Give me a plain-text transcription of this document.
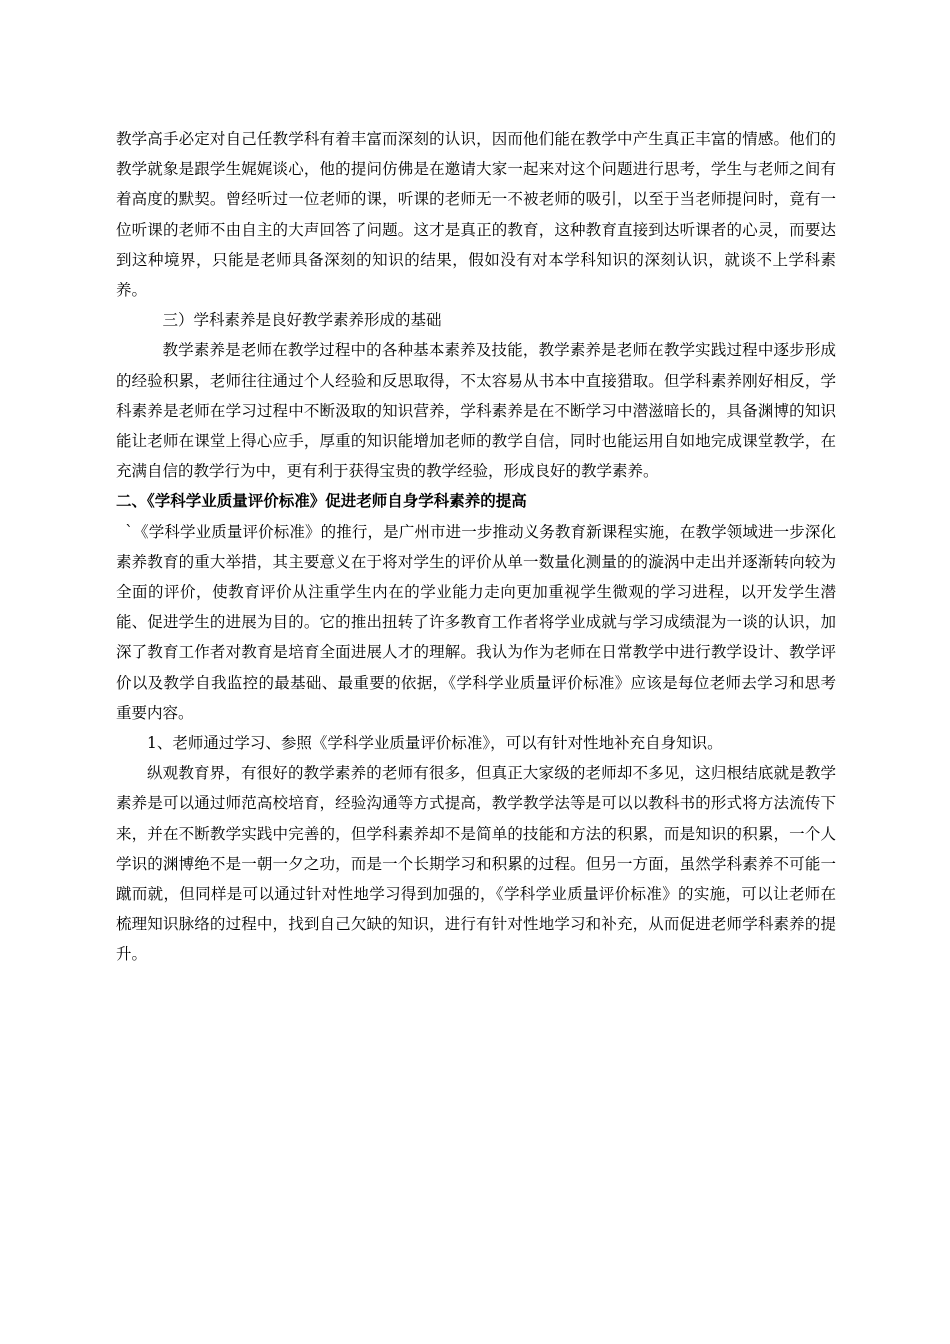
教学高手必定对自己任教学科有着丰富而深刻的认识，因而他们能在教学中产生真正丰富的情感。他们的教学就象是跟学生娓娓谈心，他的提问仿佛是在邀请大家一起来对这个问题进行思考，学生与老师之间有着高度的默契。曾经听过一位老师的课，听课的老师无一不被老师的吸引，以至于当老师提问时，竟有一位听课的老师不由自主的大声回答了问题。这才是真正的教育，这种教育直接到达听课者的心灵，而要达到这种境界，只能是老师具备深刻的知识的结果，假如没有对本学科知识的深刻认识，就谈不上学科素养。

三）学科素养是良好教学素养形成的基础

教学素养是老师在教学过程中的各种基本素养及技能，教学素养是老师在教学实践过程中逐步形成的经验积累，老师往往通过个人经验和反思取得，不太容易从书本中直接猎取。但学科素养刚好相反，学科素养是老师在学习过程中不断汲取的知识营养，学科素养是在不断学习中潜滋暗长的，具备渊博的知识能让老师在课堂上得心应手，厚重的知识能增加老师的教学自信，同时也能运用自如地完成课堂教学，在充满自信的教学行为中，更有利于获得宝贵的教学经验，形成良好的教学素养。

二、《学科学业质量评价标准》促进老师自身学科素养的提高

`《学科学业质量评价标准》的推行，是广州市进一步推动义务教育新课程实施，在教学领域进一步深化素养教育的重大举措，其主要意义在于将对学生的评价从单一数量化测量的的漩涡中走出并逐渐转向较为全面的评价，使教育评价从注重学生内在的学业能力走向更加重视学生微观的学习进程，以开发学生潜能、促进学生的进展为目的。它的推出扭转了许多教育工作者将学业成就与学习成绩混为一谈的认识，加深了教育工作者对教育是培育全面进展人才的理解。我认为作为老师在日常教学中进行教学设计、教学评价以及教学自我监控的最基础、最重要的依据，《学科学业质量评价标准》应该是每位老师去学习和思考重要内容。

1、老师通过学习、参照《学科学业质量评价标准》，可以有针对性地补充自身知识。

纵观教育界，有很好的教学素养的老师有很多，但真正大家级的老师却不多见，这归根结底就是教学素养是可以通过师范高校培育，经验沟通等方式提高，教学教学法等是可以以教科书的形式将方法流传下来，并在不断教学实践中完善的，但学科素养却不是简单的技能和方法的积累，而是知识的积累，一个人学识的渊博绝不是一朝一夕之功，而是一个长期学习和积累的过程。但另一方面，虽然学科素养不可能一蹴而就，但同样是可以通过针对性地学习得到加强的，《学科学业质量评价标准》的实施，可以让老师在梳理知识脉络的过程中，找到自己欠缺的知识，进行有针对性地学习和补充，从而促进老师学科素养的提升。
